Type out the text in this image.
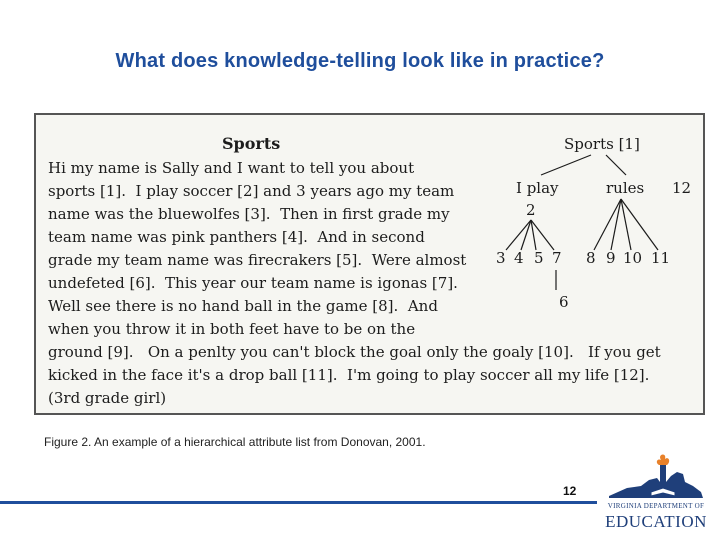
What does knowledge-telling look like in practice?
Sports
Hi my name is Sally and I want to tell you about
sports [1].  I play soccer [2] and 3 years ago my team
name was the bluewolfes [3].  Then in first grade my
team name was pink panthers [4].  And in second
grade my team name was firecrakers [5].  Were almost
undefeted [6].  This year our team name is igonas [7].
Well see there is no hand ball in the game [8].  And
when you throw it in both feet have to be on the
ground [9].   On a penlty you can't block the goal only the goaly [10].   If you get
kicked in the face it's a drop ball [11].  I'm going to play soccer all my life [12].
(3rd grade girl)
Sports [1]
I play
2
rules 12
3 4 5 7 8 9 10 11
6
Figure 2. An example of a hierarchical attribute list from Donovan, 2001.
12
VIRGINIA DEPARTMENT OF
EDUCATION
